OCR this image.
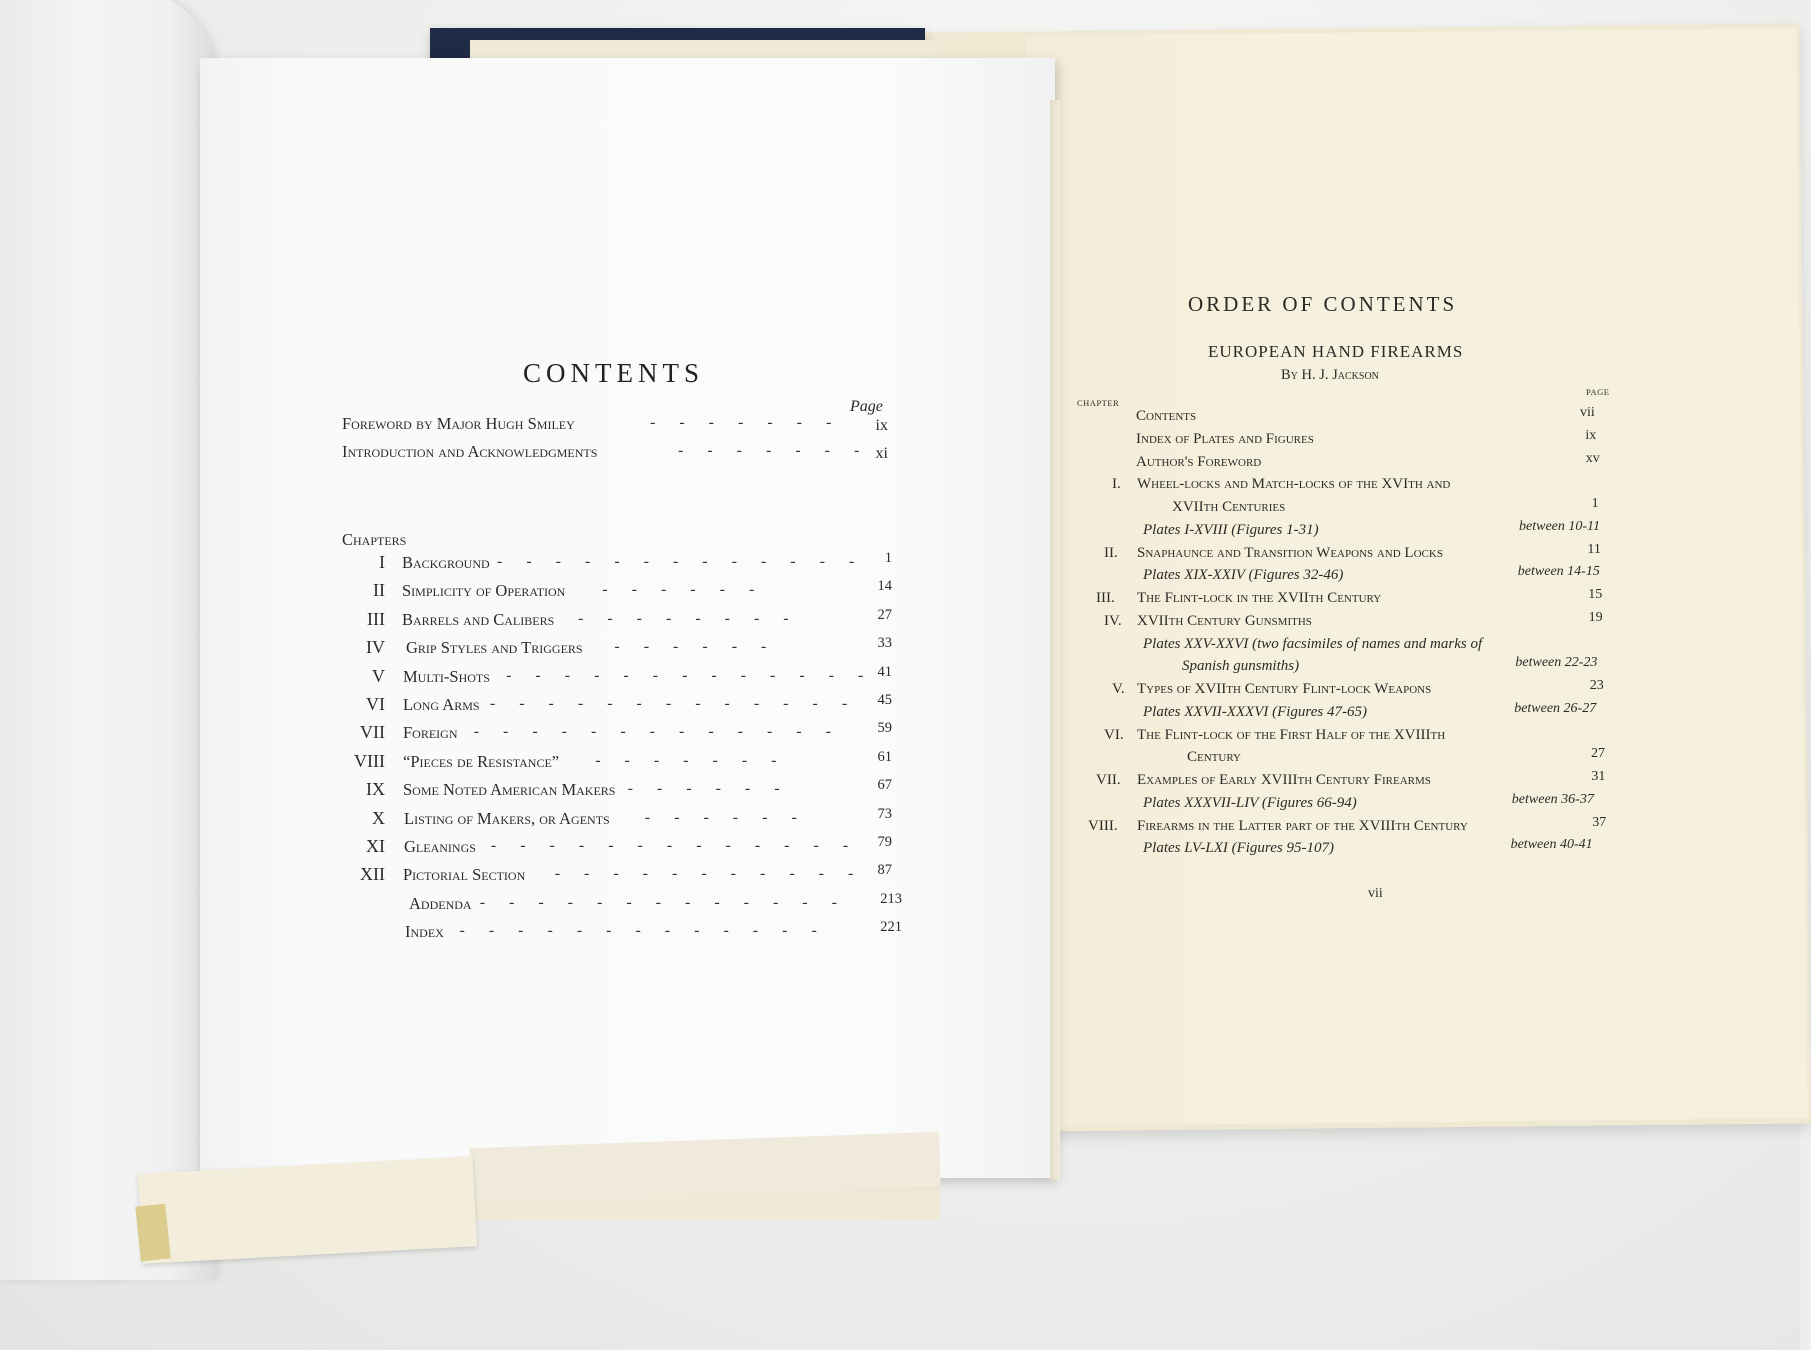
CONTENTS
Page
Foreword by Major Hugh Smiley	- - - - - - -	ix
Introduction and Acknowledgments	- - - - - - - xi
Chapters
I Background - - - - - - - - - - - - -	1
II Simplicity of Operation - - - - - -	14
III Barrels and Calibers - - - - - - - -	27
IV Grip Styles and Triggers - - - - - -	33
V Multi-Shots - - - - - - - - - - - - - 41
VI Long Arms - - - - - - - - - - - - -	45
VII Foreign - - - - - - - - - - - - -	59
VIII “Pieces de Resistance” - - - - - - -	61
IX Some Noted American Makers - - - - - -	67
X Listing of Makers, or Agents - - - - - -	73
XI Gleanings - - - - - - - - - - - - -	79
XII Pictorial Section - - - - - - - - - - - 87
Addenda - - - - - - - - - - - - -	213
Index - - - - - - - - - - - - -	221
ORDER OF CONTENTS
EUROPEAN HAND FIREARMS
By H. J. Jackson
PAGE
CHAPTER
Contents	vii
Index of Plates and Figures	ix
Author's Foreword	xv
I. Wheel-locks and Match-locks of the XVIth and
XVIIth Centuries	1
Plates I-XVIII (Figures 1-31)	between 10-11
II. Snaphaunce and Transition Weapons and Locks	11
Plates XIX-XXIV (Figures 32-46)	between 14-15
III. The Flint-lock in the XVIIth Century	15
IV. XVIIth Century Gunsmiths	19
Plates XXV-XXVI (two facsimiles of names and marks of
Spanish gunsmiths)	between 22-23
V. Types of XVIIth Century Flint-lock Weapons	23
Plates XXVII-XXXVI (Figures 47-65)	between 26-27
VI. The Flint-lock of the First Half of the XVIIIth
Century	27
VII. Examples of Early XVIIIth Century Firearms	31
Plates XXXVII-LIV (Figures 66-94)	between 36-37
VIII. Firearms in the Latter part of the XVIIIth Century	37
Plates LV-LXI (Figures 95-107)	between 40-41
vii
